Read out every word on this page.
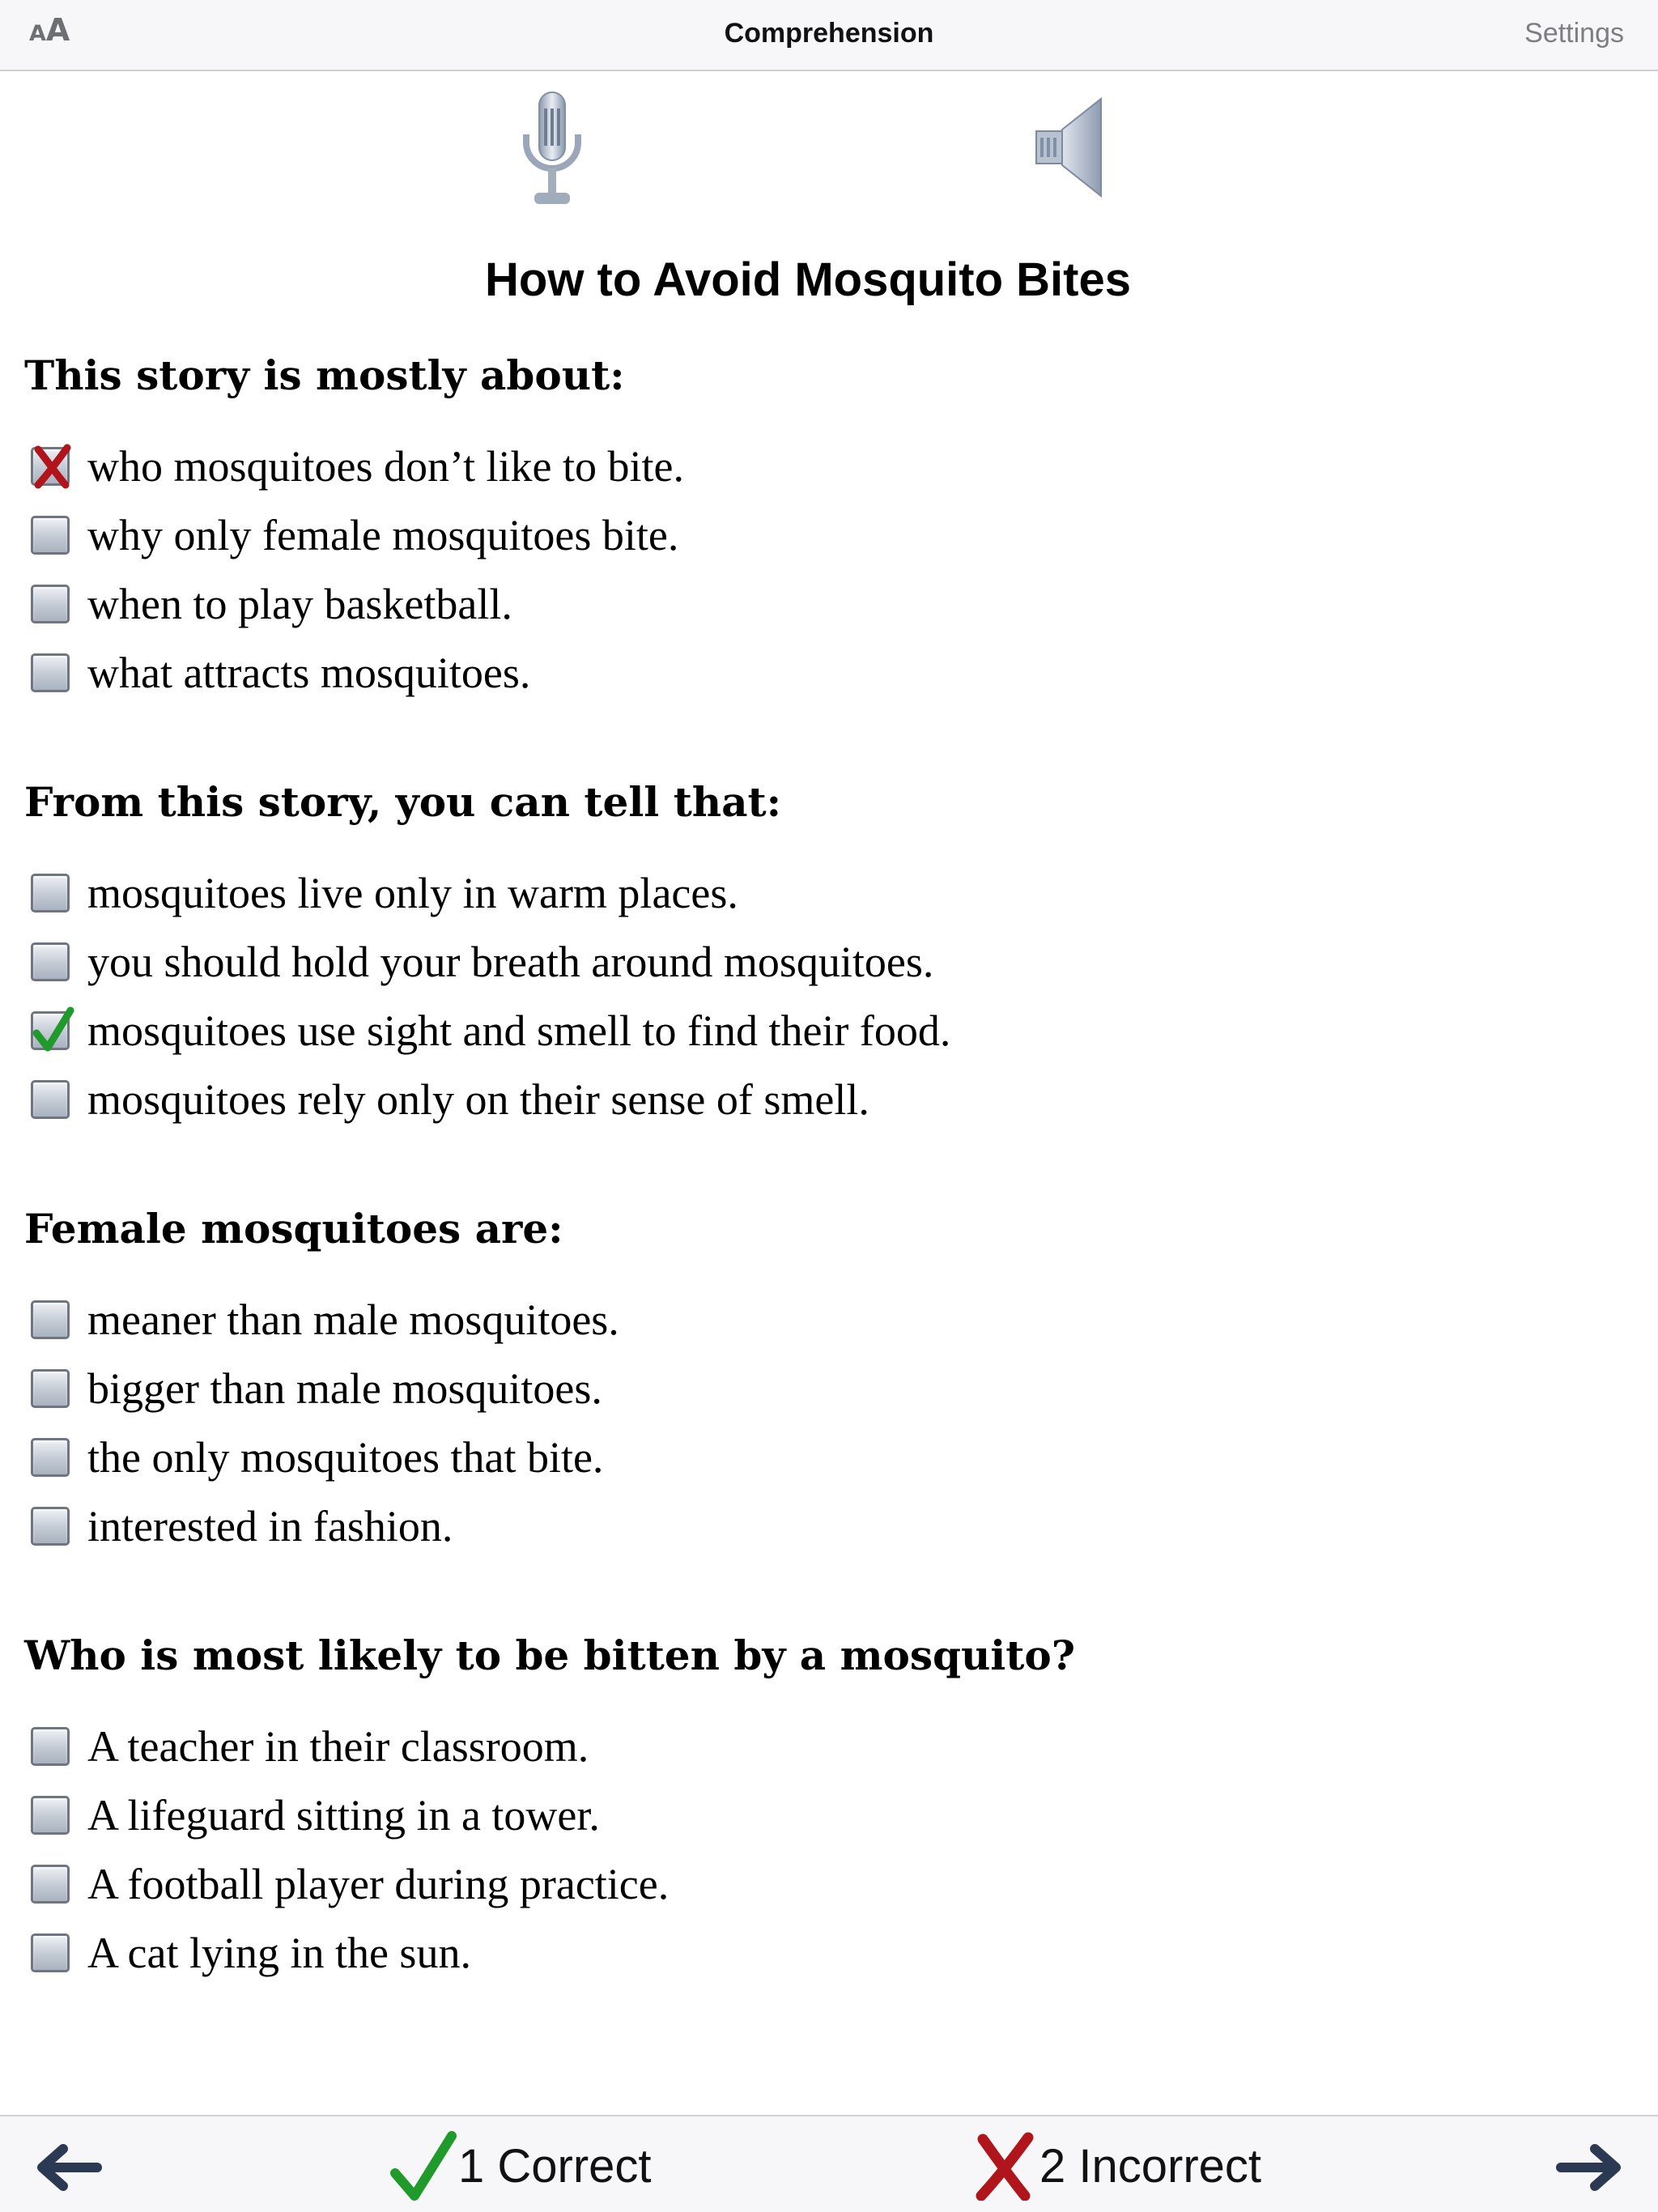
AA	Comprehension	Settings
How to Avoid Mosquito Bites
This story is mostly about:
who mosquitoes don’t like to bite.
why only female mosquitoes bite.
when to play basketball.
what attracts mosquitoes.
From this story, you can tell that:
mosquitoes live only in warm places.
you should hold your breath around mosquitoes.
mosquitoes use sight and smell to find their food.
mosquitoes rely only on their sense of smell.
Female mosquitoes are:
meaner than male mosquitoes.
bigger than male mosquitoes.
the only mosquitoes that bite.
interested in fashion.
Who is most likely to be bitten by a mosquito?
A teacher in their classroom.
A lifeguard sitting in a tower.
A football player during practice.
A cat lying in the sun.
1 Correct	2 Incorrect
